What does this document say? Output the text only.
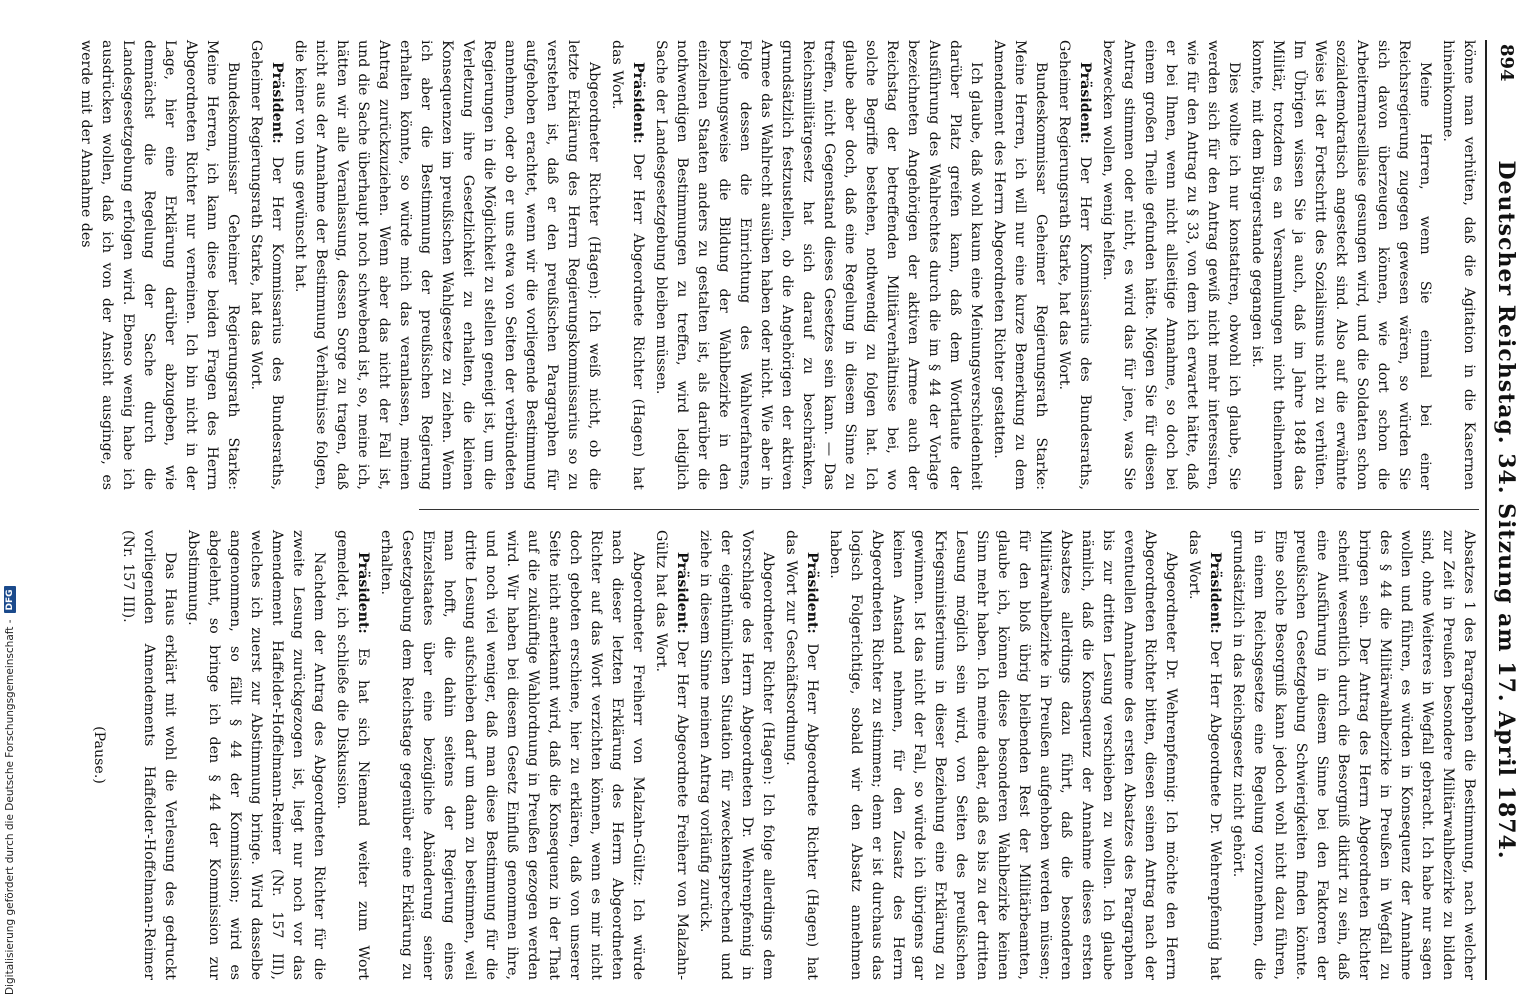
894
Deutscher Reichstag. 34. Sitzung am 17. April 1874.

könne man verhüten, daß die Agitation in die Kasernen hineinkomme.

Meine Herren, wenn Sie einmal bei einer Reichsregierung zugegen gewesen wären, so würden Sie sich davon überzeugen können, wie dort schon die Arbeitermarseillaise gesungen wird, und die Soldaten schon sozialdemokratisch angesteckt sind. Also auf die erwähnte Weise ist der Fortschritt des Sozialismus nicht zu verhüten. Im Übrigen wissen Sie ja auch, daß im Jahre 1848 das Militär, trotzdem es an Versammlungen nicht theilnehmen konnte, mit dem Bürgerstande gegangen ist.

Dies wollte ich nur konstatiren, obwohl ich glaube, Sie werden sich für den Antrag gewiß nicht mehr interessiren, wie für den Antrag zu § 33, von dem ich erwartet hätte, daß er bei Ihnen, wenn nicht allseitige Annahme, so doch bei einem großen Theile gefunden hätte. Mögen Sie für diesen Antrag stimmen oder nicht, es wird das für jene, was Sie bezwecken wollen, wenig helfen.

Präsident: Der Herr Kommissarius des Bundesraths, Geheimer Regierungsrath Starke, hat das Wort.

Bundeskommissar Geheimer Regierungsrath Starke: Meine Herren, ich will nur eine kurze Bemerkung zu dem Amendement des Herrn Abgeordneten Richter gestatten.

Ich glaube, daß wohl kaum eine Meinungsverschiedenheit darüber Platz greifen kann, daß dem Wortlaute der Ausführung des Wahlrechtes durch die im § 44 der Vorlage bezeichneten Angehörigen der aktiven Armee auch der Reichstag der betreffenden Militärverhältnisse bei, wo solche Begriffe bestehen, nothwendig zu folgen hat. Ich glaube aber doch, daß eine Regelung in diesem Sinne zu treffen, nicht Gegenstand dieses Gesetzes sein kann. — Das Reichsmilitärgesetz hat sich darauf zu beschränken, grundsätzlich festzustellen, ob die Angehörigen der aktiven Armee das Wahlrecht ausüben haben oder nicht. Wie aber in Folge dessen die Einrichtung des Wahlverfahrens, beziehungsweise die Bildung der Wahlbezirke in den einzelnen Staaten anders zu gestalten ist, als darüber die nothwendigen Bestimmungen zu treffen, wird lediglich Sache der Landesgesetzgebung bleiben müssen.

Präsident: Der Herr Abgeordnete Richter (Hagen) hat das Wort.

Abgeordneter Richter (Hagen): Ich weiß nicht, ob die letzte Erklärung des Herrn Regierungskommissarius so zu verstehen ist, daß er den preußischen Paragraphen für aufgehoben erachtet, wenn wir die vorliegende Bestimmung annehmen, oder ob er uns etwa von Seiten der verbündeten Regierungen in die Möglichkeit zu stellen geneigt ist, um die Verletzung ihre Gesetzlichkeit zu erhalten, die kleinen Konsequenzen im preußischen Wahlgesetze zu ziehen. Wenn ich aber die Bestimmung der preußischen Regierung erhalten könnte, so würde mich das veranlassen, meinen Antrag zurückzuziehen. Wenn aber das nicht der Fall ist, und die Sache überhaupt noch schwebend ist, so, meine ich, hätten wir alle Veranlassung, dessen Sorge zu tragen, daß nicht aus der Annahme der Bestimmung Verhältnisse folgen, die keiner von uns gewünscht hat.

Präsident: Der Herr Kommissarius des Bundesraths, Geheimer Regierungsrath Starke, hat das Wort.

Bundeskommissar Geheimer Regierungsrath Starke: Meine Herren, ich kann diese beiden Fragen des Herrn Abgeordneten Richter nur verneinen. Ich bin nicht in der Lage, hier eine Erklärung darüber abzugeben, wie demnächst die Regelung der Sache durch die Landesgesetzgebung erfolgen wird. Ebenso wenig habe ich ausdrücken wollen, daß ich von der Ansicht ausginge, es werde mit der Annahme des

Absatzes 1 des Paragraphen die Bestimmung, nach welcher zur Zeit in Preußen besondere Militärwahlbezirke zu bilden sind, ohne Weiteres in Wegfall gebracht. Ich habe nur sagen wollen und führen, es würden in Konsequenz der Annahme des § 44 die Militärwahlbezirke in Preußen in Wegfall zu bringen sein. Der Antrag des Herrn Abgeordneten Richter scheint wesentlich durch die Besorgniß diktirt zu sein, daß eine Ausführung in diesem Sinne bei den Faktoren der preußischen Gesetzgebung Schwierigkeiten finden könnte. Eine solche Besorgniß kann jedoch wohl nicht dazu führen, in einem Reichsgesetze eine Regelung vorzunehmen, die grundsätzlich in das Reichsgesetz nicht gehört.

Präsident: Der Herr Abgeordnete Dr. Wehrenpfennig hat das Wort.

Abgeordneter Dr. Wehrenpfennig: Ich möchte den Herrn Abgeordneten Richter bitten, diesen seinen Antrag nach der eventuellen Annahme des ersten Absatzes des Paragraphen bis zur dritten Lesung verschieben zu wollen. Ich glaube nämlich, daß die Konsequenz der Annahme dieses ersten Absatzes allerdings dazu führt, daß die besonderen Militärwahlbezirke in Preußen aufgehoben werden müssen; für den bloß übrig bleibenden Rest der Militärbeamten, glaube ich, können diese besonderen Wahlbezirke keinen Sinn mehr haben. Ich meine daher, daß es bis zu der dritten Lesung möglich sein wird, von Seiten des preußischen Kriegsministeriums in dieser Beziehung eine Erklärung zu gewinnen. Ist das nicht der Fall, so würde ich übrigens gar keinen Anstand nehmen, für den Zusatz des Herrn Abgeordneten Richter zu stimmen; denn er ist durchaus das logisch Folgerichtige, sobald wir den Absatz annehmen haben.

Präsident: Der Herr Abgeordnete Richter (Hagen) hat das Wort zur Geschäftsordnung.

Abgeordneter Richter (Hagen): Ich folge allerdings dem Vorschlage des Herrn Abgeordneten Dr. Wehrenpfennig in der eigenthümlichen Situation für zweckentsprechend und ziehe in diesem Sinne meinen Antrag vorläufig zurück.

Präsident: Der Herr Abgeordnete Freiherr von Malzahn-Gültz hat das Wort.

Abgeordneter Freiherr von Malzahn-Gültz: Ich würde nach dieser letzten Erklärung des Herrn Abgeordneten Richter auf das Wort verzichten können, wenn es mir nicht doch geboten erschiene, hier zu erklären, daß von unserer Seite nicht anerkannt wird, daß die Konsequenz in der That auf die zukünftige Wahlordnung in Preußen gezogen werden wird. Wir haben bei diesem Gesetz Einfluß genommen ihre, und noch viel weniger, daß man diese Bestimmung für die dritte Lesung aufschieben darf um dann zu bestimmen, weil man hofft, die dahin seitens der Regierung eines Einzelstaates über eine bezügliche Abänderung seiner Gesetzgebung dem Reichstage gegenüber eine Erklärung zu erhalten.

Präsident: Es hat sich Niemand weiter zum Wort gemeldet, ich schließe die Diskussion.

Nachdem der Antrag des Abgeordneten Richter für die zweite Lesung zurückgezogen ist, liegt nur noch vor das Amendement Haffelder-Hoffelmann-Reimer (Nr. 157 III), welches ich zuerst zur Abstimmung bringe. Wird dasselbe angenommen, so fällt § 44 der Kommission; wird es abgelehnt, so bringe ich den § 44 der Kommission zur Abstimmung.

Das Haus erklärt mit wohl die Verlesung des gedruckt vorliegenden Amendements Haffelder-Hoffelmann-Reimer (Nr. 157 III).

(Pause.)

Digitalisierung gefördert durch die Deutsche Forschungsgemeinschaft -
DFG
